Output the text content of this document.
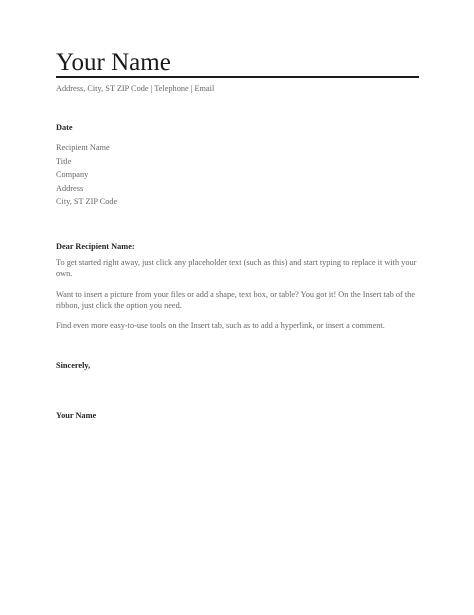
Your Name
Address, City, ST ZIP Code | Telephone | Email
Date
Recipient Name
Title
Company
Address
City, ST ZIP Code
Dear Recipient Name:

To get started right away, just click any placeholder text (such as this) and start typing to replace it with your own.

Want to insert a picture from your files or add a shape, text box, or table? You got it! On the Insert tab of the ribbon, just click the option you need.

Find even more easy-to-use tools on the Insert tab, such as to add a hyperlink, or insert a comment.

Sincerely,
Your Name
